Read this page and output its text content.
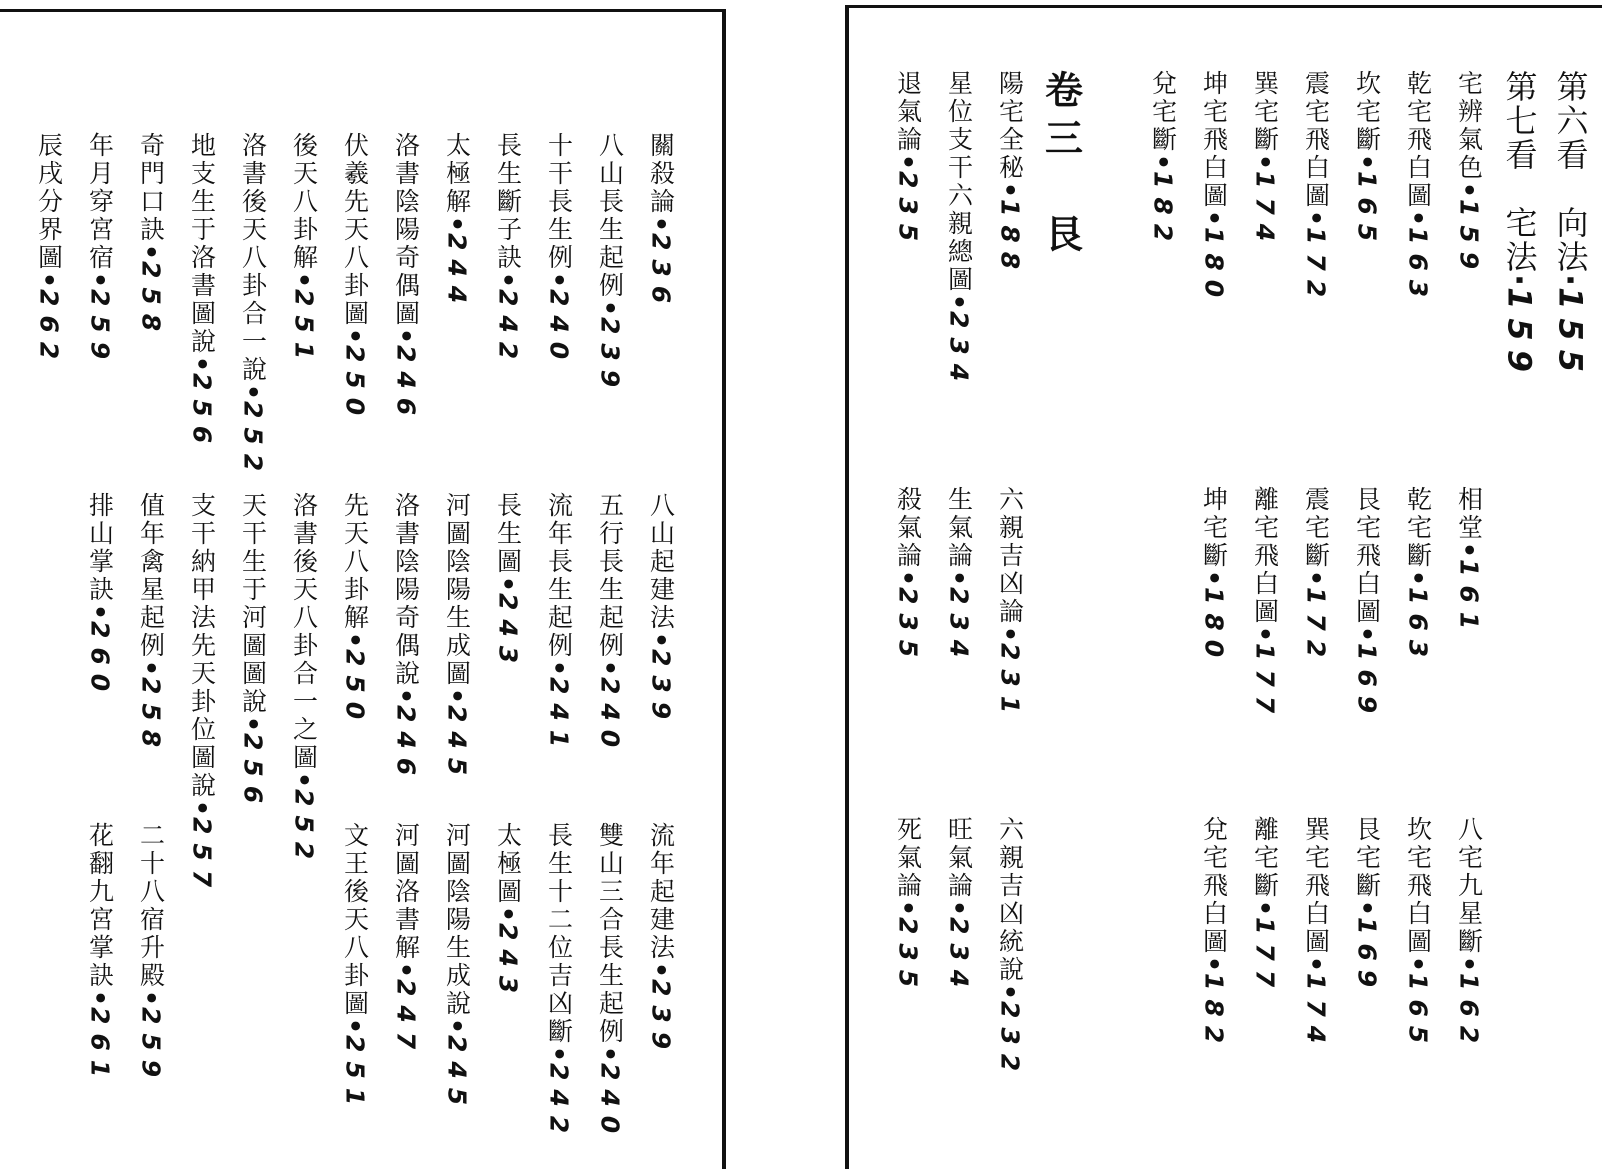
關殺論•236
八山長生起例•239
十干長生例•240
長生斷子訣•242
太極解•244
洛書陰陽奇偶圖•246
伏羲先天八卦圖•250
後天八卦解•251
洛書後天八卦合一說•252
地支生于洛書圖說•256
奇門口訣•258
年月穿宮宿•259
辰戌分界圖•262
八山起建法•239
五行長生起例•240
流年長生起例•241
長生圖•243
河圖陰陽生成圖•245
洛書陰陽奇偶說•246
先天八卦解•250
洛書後天八卦合一之圖•252
天干生于河圖圖說•256
支干納甲法先天卦位圖說•257
值年禽星起例•258
排山掌訣•260
流年起建法•239
雙山三合長生起例•240
長生十二位吉凶斷•242
太極圖•243
河圖陰陽生成說•245
河圖洛書解•247
文王後天八卦圖•251
二十八宿升殿•259
花翻九宮掌訣•261
第六看　向法·155
第七看　宅法·159
宅辨氣色•159
乾宅飛白圖•163
坎宅斷•165
震宅飛白圖•172
巽宅斷•174
坤宅飛白圖•180
兌宅斷•182
卷三　艮
陽宅全秘•188
星位支干六親總圖•234
退氣論•235
相堂•161
乾宅斷•163
艮宅飛白圖•169
震宅斷•172
離宅飛白圖•177
坤宅斷•180
六親吉凶論•231
生氣論•234
殺氣論•235
八宅九星斷•162
坎宅飛白圖•165
艮宅斷•169
巽宅飛白圖•174
離宅斷•177
兌宅飛白圖•182
六親吉凶統說•232
旺氣論•234
死氣論•235
